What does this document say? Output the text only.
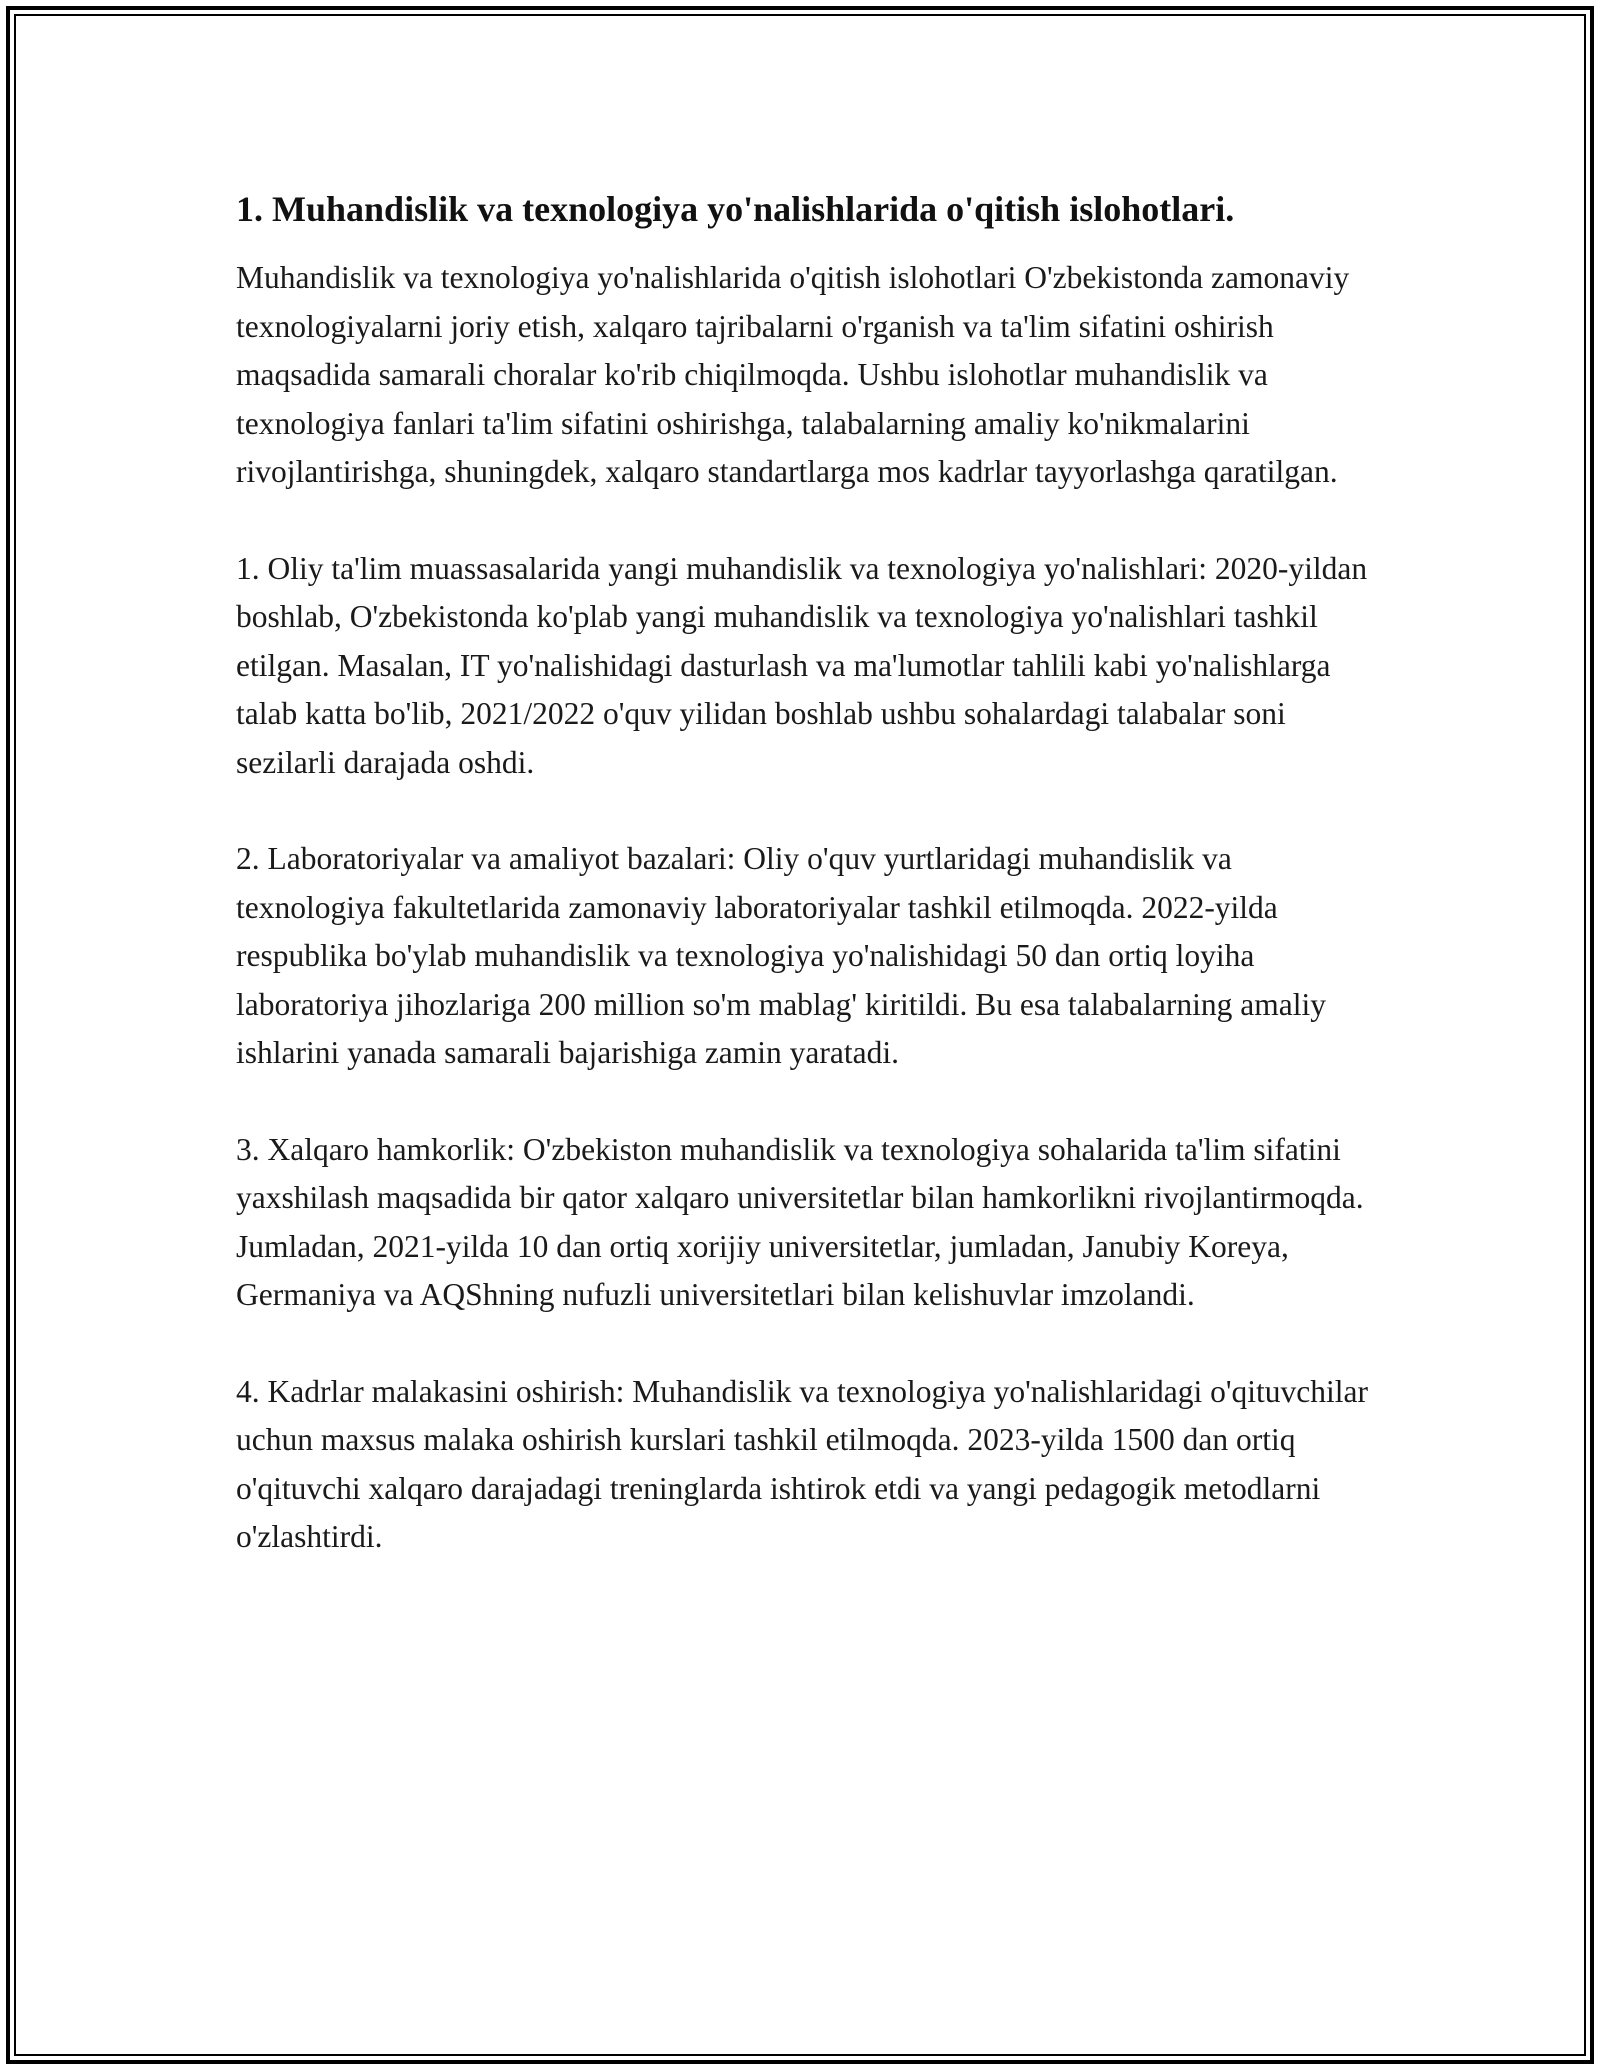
1. Muhandislik va texnologiya yo'nalishlarida o'qitish islohotlari.

Muhandislik va texnologiya yo'nalishlarida o'qitish islohotlari O'zbekistonda zamonaviy texnologiyalarni joriy etish, xalqaro tajribalarni o'rganish va ta'lim sifatini oshirish maqsadida samarali choralar ko'rib chiqilmoqda. Ushbu islohotlar muhandislik va texnologiya fanlari ta'lim sifatini oshirishga, talabalarning amaliy ko'nikmalarini rivojlantirishga, shuningdek, xalqaro standartlarga mos kadrlar tayyorlashga qaratilgan.

1. Oliy ta'lim muassasalarida yangi muhandislik va texnologiya yo'nalishlari: 2020-yildan boshlab, O'zbekistonda ko'plab yangi muhandislik va texnologiya yo'nalishlari tashkil etilgan. Masalan, IT yo'nalishidagi dasturlash va ma'lumotlar tahlili kabi yo'nalishlarga talab katta bo'lib, 2021/2022 o'quv yilidan boshlab ushbu sohalardagi talabalar soni sezilarli darajada oshdi.

2. Laboratoriyalar va amaliyot bazalari: Oliy o'quv yurtlaridagi muhandislik va texnologiya fakultetlarida zamonaviy laboratoriyalar tashkil etilmoqda. 2022-yilda respublika bo'ylab muhandislik va texnologiya yo'nalishidagi 50 dan ortiq loyiha laboratoriya jihozlariga 200 million so'm mablag' kiritildi. Bu esa talabalarning amaliy ishlarini yanada samarali bajarishiga zamin yaratadi.

3. Xalqaro hamkorlik: O'zbekiston muhandislik va texnologiya sohalarida ta'lim sifatini yaxshilash maqsadida bir qator xalqaro universitetlar bilan hamkorlikni rivojlantirmoqda. Jumladan, 2021-yilda 10 dan ortiq xorijiy universitetlar, jumladan, Janubiy Koreya, Germaniya va AQShning nufuzli universitetlari bilan kelishuvlar imzolandi.

4. Kadrlar malakasini oshirish: Muhandislik va texnologiya yo'nalishlaridagi o'qituvchilar uchun maxsus malaka oshirish kurslari tashkil etilmoqda. 2023-yilda 1500 dan ortiq o'qituvchi xalqaro darajadagi treninglarda ishtirok etdi va yangi pedagogik metodlarni o'zlashtirdi.
